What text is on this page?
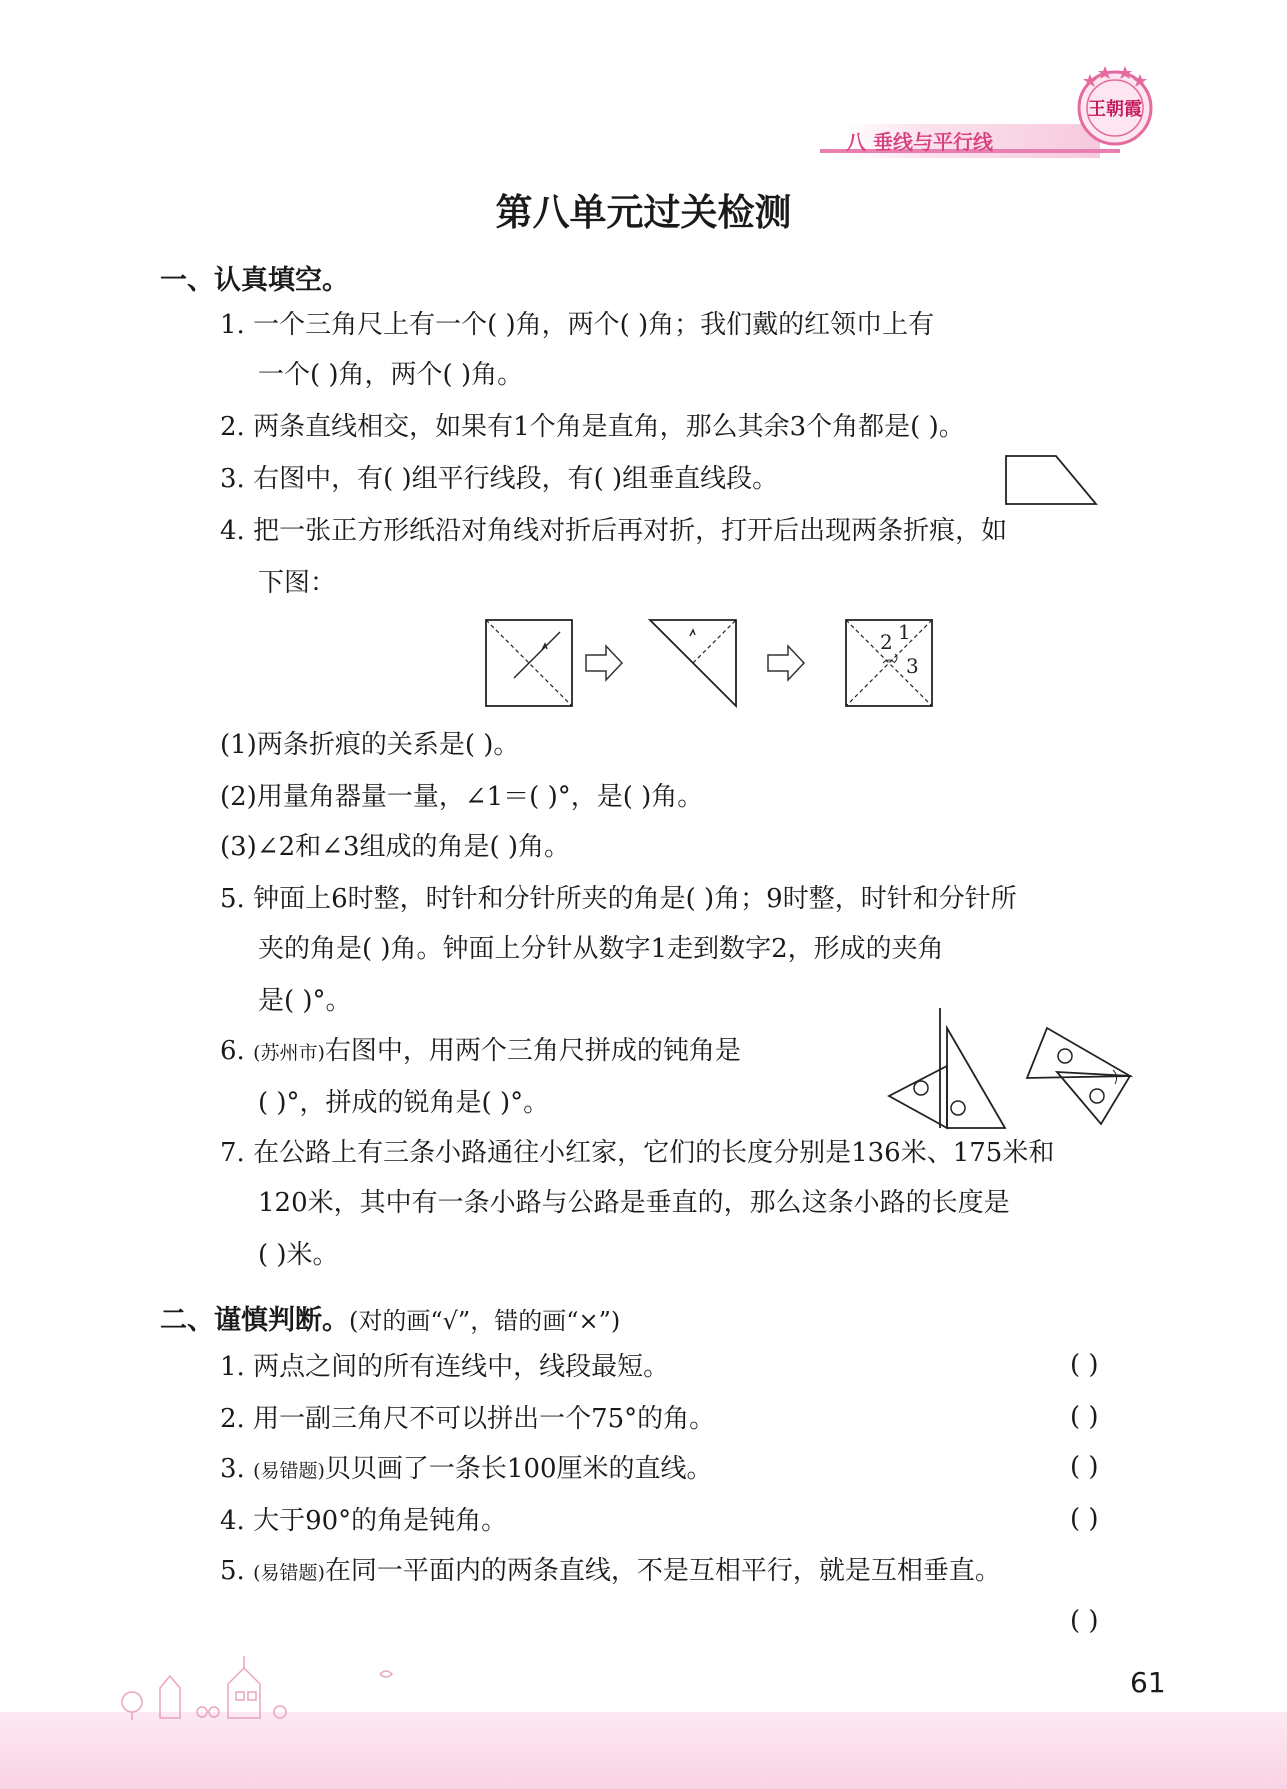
八 垂线与平行线
王朝霞
第八单元过关检测
一、认真填空。
1. 一个三角尺上有一个( )角，两个( )角；我们戴的红领巾上有
一个( )角，两个( )角。
2. 两条直线相交，如果有1个角是直角，那么其余3个角都是( )。
3. 右图中，有( )组平行线段，有( )组垂直线段。
4. 把一张正方形纸沿对角线对折后再对折，打开后出现两条折痕，如
下图：
2 1
3
(1)两条折痕的关系是( )。
(2)用量角器量一量，∠1＝( )°，是( )角。
(3)∠2和∠3组成的角是( )角。
5. 钟面上6时整，时针和分针所夹的角是( )角；9时整，时针和分针所
夹的角是( )角。钟面上分针从数字1走到数字2，形成的夹角
是( )°。
6. (苏州市)右图中，用两个三角尺拼成的钝角是
( )°，拼成的锐角是( )°。
7. 在公路上有三条小路通往小红家，它们的长度分别是136米、175米和
120米，其中有一条小路与公路是垂直的，那么这条小路的长度是
( )米。
二、谨慎判断。(对的画“√”，错的画“×”)
1. 两点之间的所有连线中，线段最短。	( )
2. 用一副三角尺不可以拼出一个75°的角。	( )
3. (易错题)贝贝画了一条长100厘米的直线。	( )
4. 大于90°的角是钝角。	( )
5. (易错题)在同一平面内的两条直线，不是互相平行，就是互相垂直。
( )
61
